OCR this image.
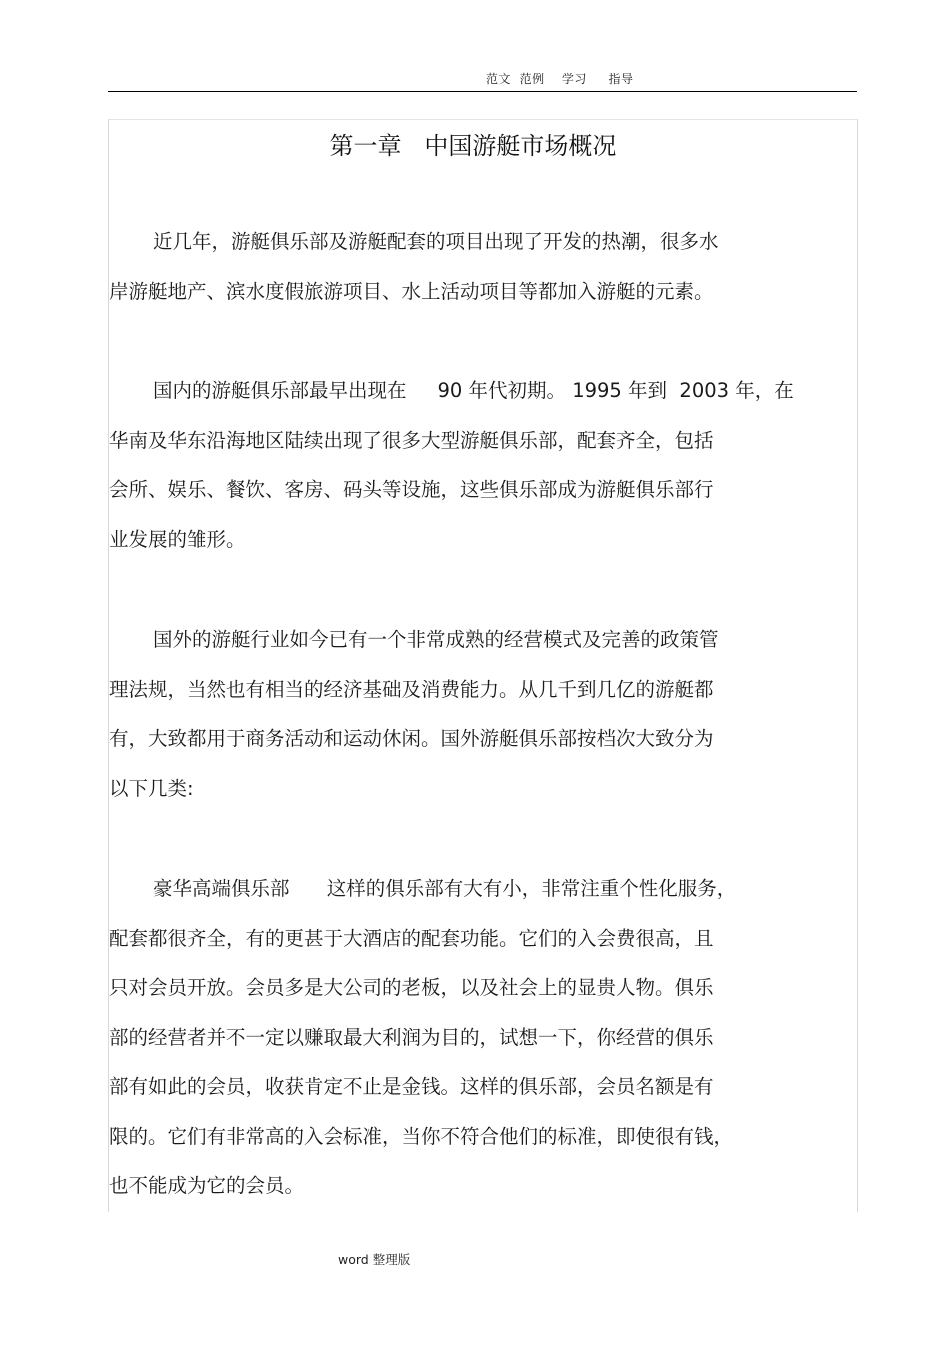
范文  范例    学习     指导
第一章   中国游艇市场概况
近几年，游艇俱乐部及游艇配套的项目出现了开发的热潮，很多水
岸游艇地产、滨水度假旅游项目、水上活动项目等都加入游艇的元素。
国内的游艇俱乐部最早出现在     90 年代初期。 1995 年到  2003 年，在
华南及华东沿海地区陆续出现了很多大型游艇俱乐部，配套齐全，包括
会所、娱乐、餐饮、客房、码头等设施，这些俱乐部成为游艇俱乐部行
业发展的雏形。
国外的游艇行业如今已有一个非常成熟的经营模式及完善的政策管
理法规，当然也有相当的经济基础及消费能力。从几千到几亿的游艇都
有，大致都用于商务活动和运动休闲。国外游艇俱乐部按档次大致分为
以下几类:
豪华高端俱乐部      这样的俱乐部有大有小，非常注重个性化服务，
配套都很齐全，有的更甚于大酒店的配套功能。它们的入会费很高，且
只对会员开放。会员多是大公司的老板，以及社会上的显贵人物。俱乐
部的经营者并不一定以赚取最大利润为目的，试想一下，你经营的俱乐
部有如此的会员，收获肯定不止是金钱。这样的俱乐部，会员名额是有
限的。它们有非常高的入会标准，当你不符合他们的标准，即使很有钱，
也不能成为它的会员。
word 整理版
